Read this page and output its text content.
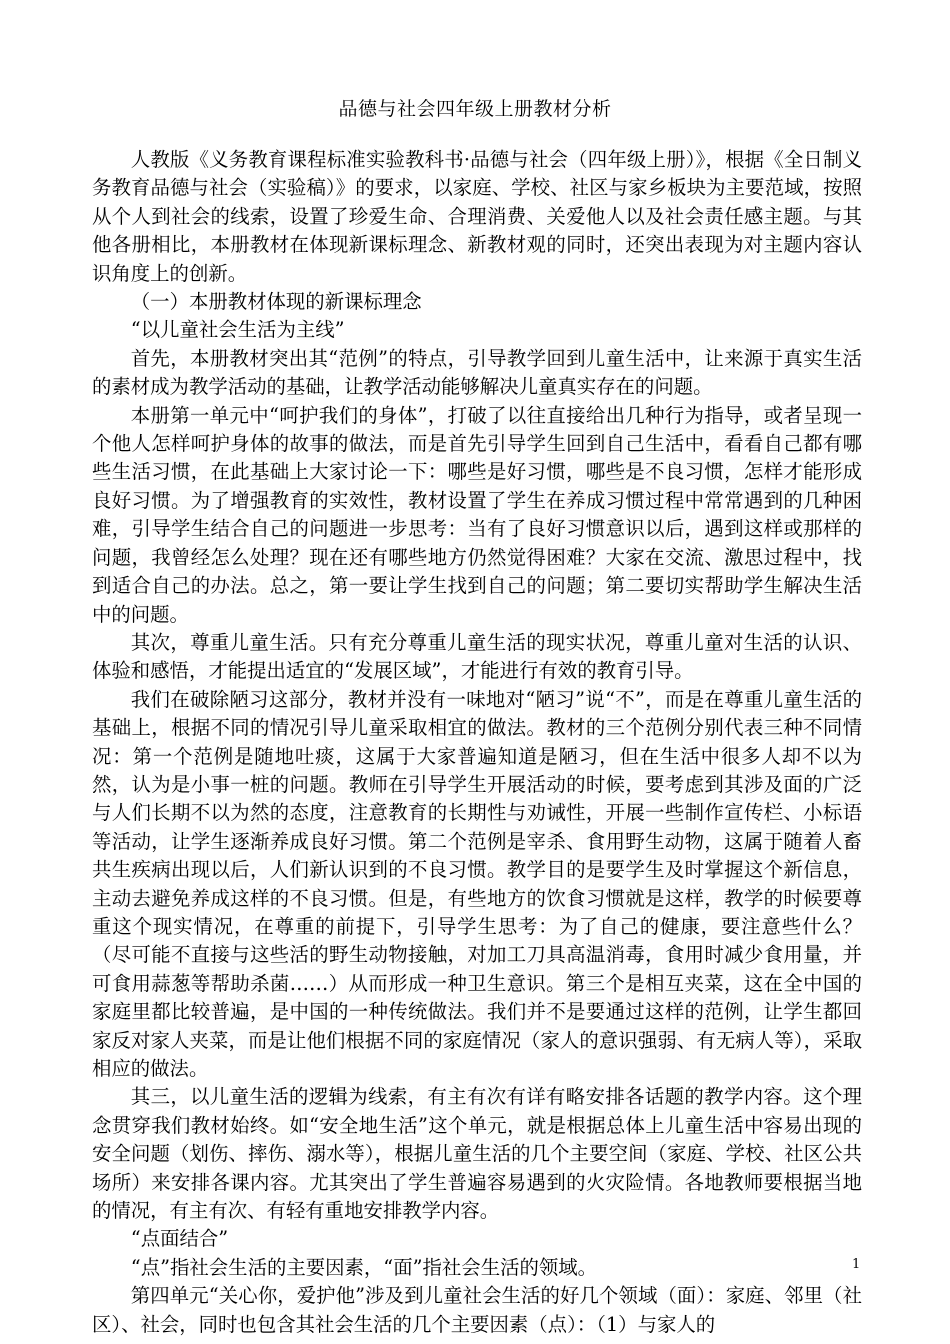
品德与社会四年级上册教材分析

人教版《义务教育课程标准实验教科书·品德与社会（四年级上册）》，根据《全日制义务教育品德与社会（实验稿）》的要求，以家庭、学校、社区与家乡板块为主要范域，按照从个人到社会的线索，设置了珍爱生命、合理消费、关爱他人以及社会责任感主题。与其他各册相比，本册教材在体现新课标理念、新教材观的同时，还突出表现为对主题内容认识角度上的创新。

（一）本册教材体现的新课标理念

“以儿童社会生活为主线”

首先，本册教材突出其“范例”的特点，引导教学回到儿童生活中，让来源于真实生活的素材成为教学活动的基础，让教学活动能够解决儿童真实存在的问题。

本册第一单元中“呵护我们的身体”，打破了以往直接给出几种行为指导，或者呈现一个他人怎样呵护身体的故事的做法，而是首先引导学生回到自己生活中，看看自己都有哪些生活习惯，在此基础上大家讨论一下：哪些是好习惯，哪些是不良习惯，怎样才能形成良好习惯。为了增强教育的实效性，教材设置了学生在养成习惯过程中常常遇到的几种困难，引导学生结合自己的问题进一步思考：当有了良好习惯意识以后，遇到这样或那样的问题，我曾经怎么处理？现在还有哪些地方仍然觉得困难？大家在交流、激思过程中，找到适合自己的办法。总之，第一要让学生找到自己的问题；第二要切实帮助学生解决生活中的问题。

其次，尊重儿童生活。只有充分尊重儿童生活的现实状况，尊重儿童对生活的认识、体验和感悟，才能提出适宜的“发展区域”，才能进行有效的教育引导。

我们在破除陋习这部分，教材并没有一味地对“陋习”说“不”，而是在尊重儿童生活的基础上，根据不同的情况引导儿童采取相宜的做法。教材的三个范例分别代表三种不同情况：第一个范例是随地吐痰，这属于大家普遍知道是陋习，但在生活中很多人却不以为然，认为是小事一桩的问题。教师在引导学生开展活动的时候，要考虑到其涉及面的广泛与人们长期不以为然的态度，注意教育的长期性与劝诫性，开展一些制作宣传栏、小标语等活动，让学生逐渐养成良好习惯。第二个范例是宰杀、食用野生动物，这属于随着人畜共生疾病出现以后，人们新认识到的不良习惯。教学目的是要学生及时掌握这个新信息，主动去避免养成这样的不良习惯。但是，有些地方的饮食习惯就是这样，教学的时候要尊重这个现实情况，在尊重的前提下，引导学生思考：为了自己的健康，要注意些什么？（尽可能不直接与这些活的野生动物接触，对加工刀具高温消毒，食用时减少食用量，并可食用蒜葱等帮助杀菌……）从而形成一种卫生意识。第三个是相互夹菜，这在全中国的家庭里都比较普遍，是中国的一种传统做法。我们并不是要通过这样的范例，让学生都回家反对家人夹菜，而是让他们根据不同的家庭情况（家人的意识强弱、有无病人等），采取相应的做法。

其三，以儿童生活的逻辑为线索，有主有次有详有略安排各话题的教学内容。这个理念贯穿我们教材始终。如“安全地生活”这个单元，就是根据总体上儿童生活中容易出现的安全问题（划伤、摔伤、溺水等），根据儿童生活的几个主要空间（家庭、学校、社区公共场所）来安排各课内容。尤其突出了学生普遍容易遇到的火灾险情。各地教师要根据当地的情况，有主有次、有轻有重地安排教学内容。

“点面结合”

“点”指社会生活的主要因素，“面”指社会生活的领域。

第四单元“关心你，爱护他”涉及到儿童社会生活的好几个领域（面）：家庭、邻里（社区）、社会，同时也包含其社会生活的几个主要因素（点）：（1）与家人的

1
